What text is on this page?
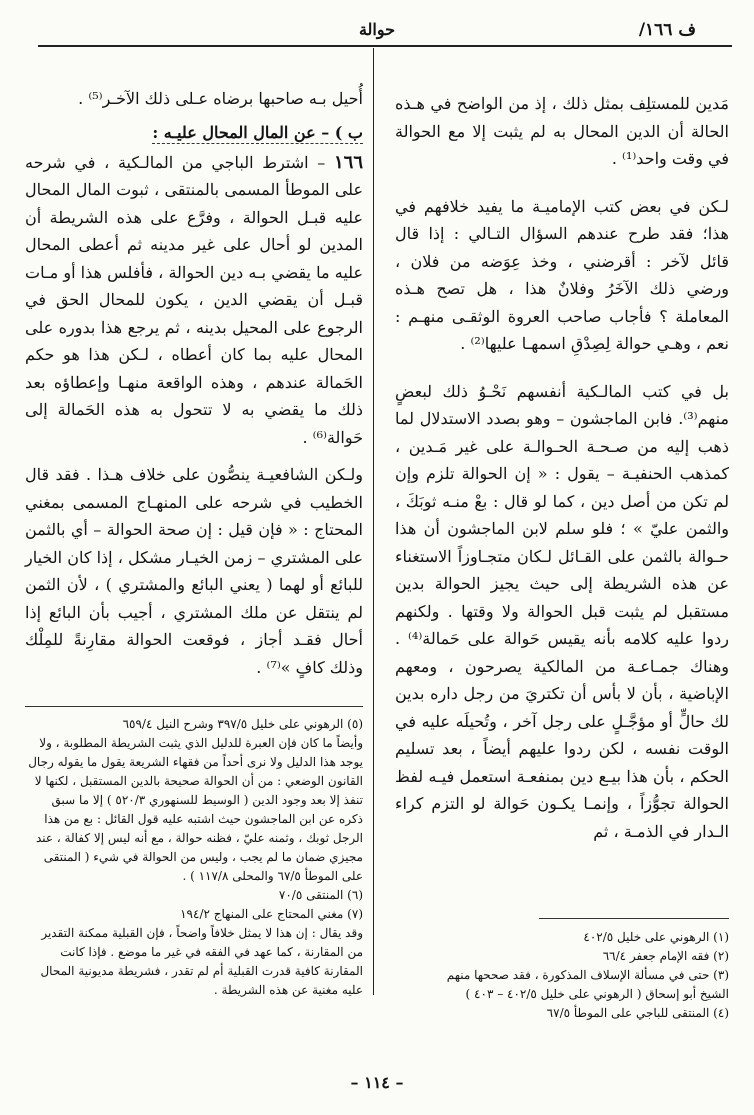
ف ١٦٦/
حوالة

مَدين للمستلِف بمثل ذلك ، إذ من الواضح في هـذه الحالة أن الدين المحال به لم يثبت إلا مع الحوالة في وقت واحد⁽¹⁾ .

لـكن في بعض كتب الإماميـة ما يفيد خلافهم في هذا؛ فقد طرح عندهم السؤال التـالي : إذا قال قائل لآخر : أقرضني ، وخذ عِوَضه من فلان ، ورضي ذلك الآخَرُ وفلانٌ هذا ، هل تصح هـذه المعاملة ؟ فأجاب صاحب العروة الوثقـى منهـم : نعم ، وهـي حوالة لِصِدْقِ اسمهـا عليها⁽²⁾ .

بل في كتب المالـكية أنفسهم نَحْـوُ ذلك لبعضٍ منهم⁽³⁾. فابن الماجشون – وهو بصدد الاستدلال لما ذهب إليه من صـحـة الحـوالـة على غير مَـدين ، كمذهب الحنفيـة – يقول : « إن الحوالة تلزم وإن لم تكن من أصل دين ، كما لو قال : بعْ منـه ثوبَكَ ، والثمن عليّ » ؛ فلو سلم لابن الماجشون أن هذا حـوالة بالثمن على القـائل لـكان متجـاوزاً الاستغناء عن هذه الشريطة إلى حيث يجيز الحوالة بدين مستقبل لم يثبت قبل الحوالة ولا وقتها . ولكنهم ردوا عليه كلامه بأنه يقيس حَوالة على حَمالة⁽⁴⁾ . وهناك جمـاعـة من المالكية يصرحون ، ومعهم الإباضية ، بأن لا بأس أن تكتريَ من رجل داره بدين لك حالٍّ أو مؤجَّـلٍ على رجل آخر ، وتُحيلَه عليه في الوقت نفسه ، لكن ردوا عليهم أيضاً ، بعد تسليم الحكم ، بأن هذا بيـع دين بمنفعـة استعمل فيـه لفظ الحوالة تجوُّزاً ، وإنمـا يكـون حَوالة لو التزم كراء الـدار في الذمـة ، ثم

(١) الرهوني على خليل ٤٠٢/٥

(٢) فقه الإمام جعفر ٦٦/٤

(٣) حتى في مسألة الإسلاف المذكورة ، فقد صححها منهم الشيخ أبو إسحاق ( الرهوني على خليل ٤٠٢/٥ – ٤٠٣ )

(٤) المنتقى للباجي على الموطأ ٦٧/٥

أُحيل بـه صاحبها برضاه عـلى ذلك الآخـر⁽⁵⁾ .

ب ) – عن المال المحال عليـه :

١٦٦ – اشترط الباجي من المالـكية ، في شرحه على الموطأ المسمى بالمنتقى ، ثبوت المال المحال عليه قبـل الحوالة ، وفرَّع على هذه الشريطة أن المدين لو أحال على غير مدينه ثم أعطى المحال عليه ما يقضي بـه دين الحوالة ، فأفلس هذا أو مـات قبـل أن يقضي الدين ، يكون للمحال الحق في الرجوع على المحيل بدينه ، ثم يرجع هذا بدوره على المحال عليه بما كان أعطاه ، لـكن هذا هو حكم الحَمالة عندهم ، وهذه الواقعة منهـا وإعطاؤه بعد ذلك ما يقضي به لا تتحول به هذه الحَمالة إلى حَوالة⁽⁶⁾ .

ولـكن الشافعيـة ينصُّون على خلاف هـذا . فقد قال الخطيب في شرحه على المنهـاج المسمى بمغني المحتاج : « فإن قيل : إن صحة الحوالة – أي بالثمن على المشتري – زمن الخيـار مشكل ، إذا كان الخيار للبائع أو لهما ( يعني البائع والمشتري ) ، لأن الثمن لم ينتقل عن ملك المشتري ، أجيب بأن البائع إذا أحال فقـد أجاز ، فوقعت الحوالة مقارِنةً للمِلْك وذلك كافٍ »⁽⁷⁾ .

(٥) الرهوني على خليل ٣٩٧/٥ وشرح النيل ٦٥٩/٤

وأيضاً ما كان فإن العبرة للدليل الذي يثبت الشريطة المطلوبة ، ولا يوجد هذا الدليل ولا نرى أحداً من فقهاء الشريعة يقول ما يقوله رجال القانون الوضعي : من أن الحوالة صحيحة بالدين المستقبل ، لكنها لا تنفذ إلا بعد وجود الدين ( الوسيط للسنهوري ٥٢٠/٣ ) إلا ما سبق ذكره عن ابن الماجشون حيث اشتبه عليه قول القائل : بع من هذا الرجل ثوبك ، وثمنه عليّ ، فظنه حوالة ، مع أنه ليس إلا كفالة ، عند مجيزي ضمان ما لم يجب ، وليس من الحوالة في شيء ( المنتقى على الموطأ ٦٧/٥ والمحلى ١١٧/٨ ) .

(٦) المنتقى ٧٠/٥

(٧) مغني المحتاج على المنهاج ١٩٤/٢

وقد يقال : إن هذا لا يمثل خلافاً واضحاً ، فإن القبلية ممكنة التقدير من المقارنة ، كما عهد في الفقه في غير ما موضع . فإذا كانت المقارنة كافية قدرت القبلية أم لم تقدر ، فشريطة مديونية المحال عليه مغنية عن هذه الشريطة .

– ١١٤ –
